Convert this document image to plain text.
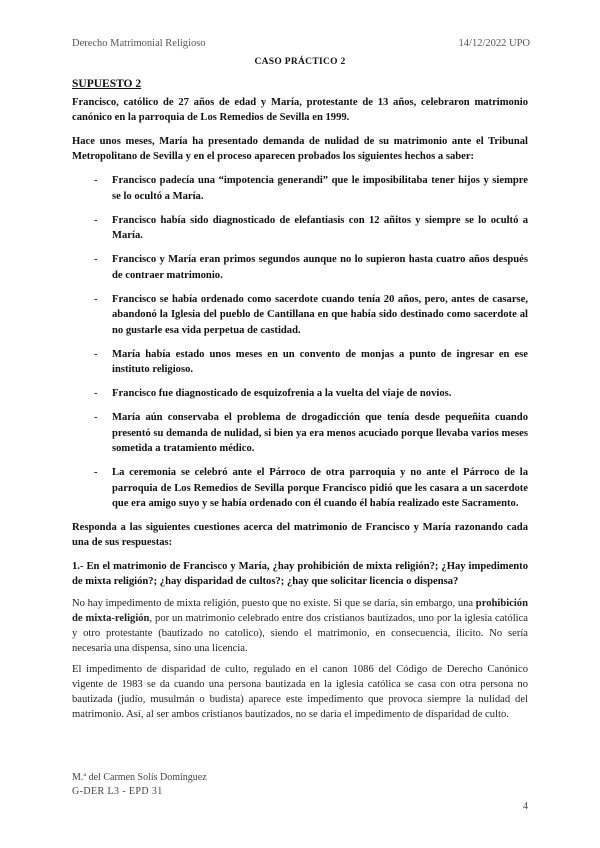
Derecho Matrimonial Religioso	14/12/2022 UPO
CASO PRÁCTICO 2
SUPUESTO 2

Francisco, católico de 27 años de edad y María, protestante de 13 años, celebraron matrimonio canónico en la parroquia de Los Remedios de Sevilla en 1999.

Hace unos meses, María ha presentado demanda de nulidad de su matrimonio ante el Tribunal Metropolitano de Sevilla y en el proceso aparecen probados los siguientes hechos a saber:

- Francisco padecía una “impotencia generandi” que le imposibilitaba tener hijos y siempre se lo ocultó a María.
- Francisco había sido diagnosticado de elefantiasis con 12 añitos y siempre se lo ocultó a María.
- Francisco y María eran primos segundos aunque no lo supieron hasta cuatro años después de contraer matrimonio.
- Francisco se había ordenado como sacerdote cuando tenía 20 años, pero, antes de casarse, abandonó la Iglesia del pueblo de Cantillana en que había sido destinado como sacerdote al no gustarle esa vida perpetua de castidad.
- María había estado unos meses en un convento de monjas a punto de ingresar en ese instituto religioso.
- Francisco fue diagnosticado de esquizofrenia a la vuelta del viaje de novios.
- María aún conservaba el problema de drogadicción que tenía desde pequeñita cuando presentó su demanda de nulidad, si bien ya era menos acuciado porque llevaba varios meses sometida a tratamiento médico.
- La ceremonia se celebró ante el Párroco de otra parroquia y no ante el Párroco de la parroquia de Los Remedios de Sevilla porque Francisco pidió que les casara a un sacerdote que era amigo suyo y se había ordenado con él cuando él había realizado este Sacramento.

Responda a las siguientes cuestiones acerca del matrimonio de Francisco y María razonando cada una de sus respuestas:

1.- En el matrimonio de Francisco y María, ¿hay prohibición de mixta religión?; ¿Hay impedimento de mixta religión?; ¿hay disparidad de cultos?; ¿hay que solicitar licencia o dispensa?

No hay impedimento de mixta religión, puesto que no existe. Si que se daría, sin embargo, una prohibición de mixta-religión, por un matrimonio celebrado entre dos cristianos bautizados, uno por la iglesia católica y otro protestante (bautizado no catolico), siendo el matrimonio, en consecuencia, ilicito. No sería necesaria una dispensa, sino una licencia.

El impedimento de disparidad de culto, regulado en el canon 1086 del Código de Derecho Canónico vigente de 1983 se da cuando una persona bautizada en la iglesia católica se casa con otra persona no bautizada (judío, musulmán o budista) aparece este impedimento que provoca siempre la nulidad del matrimonio. Así, al ser ambos cristianos bautizados, no se daría el impedimento de disparidad de culto.

M.ª del Carmen Solís Domínguez
G-DER L3 - EPD 31
4
